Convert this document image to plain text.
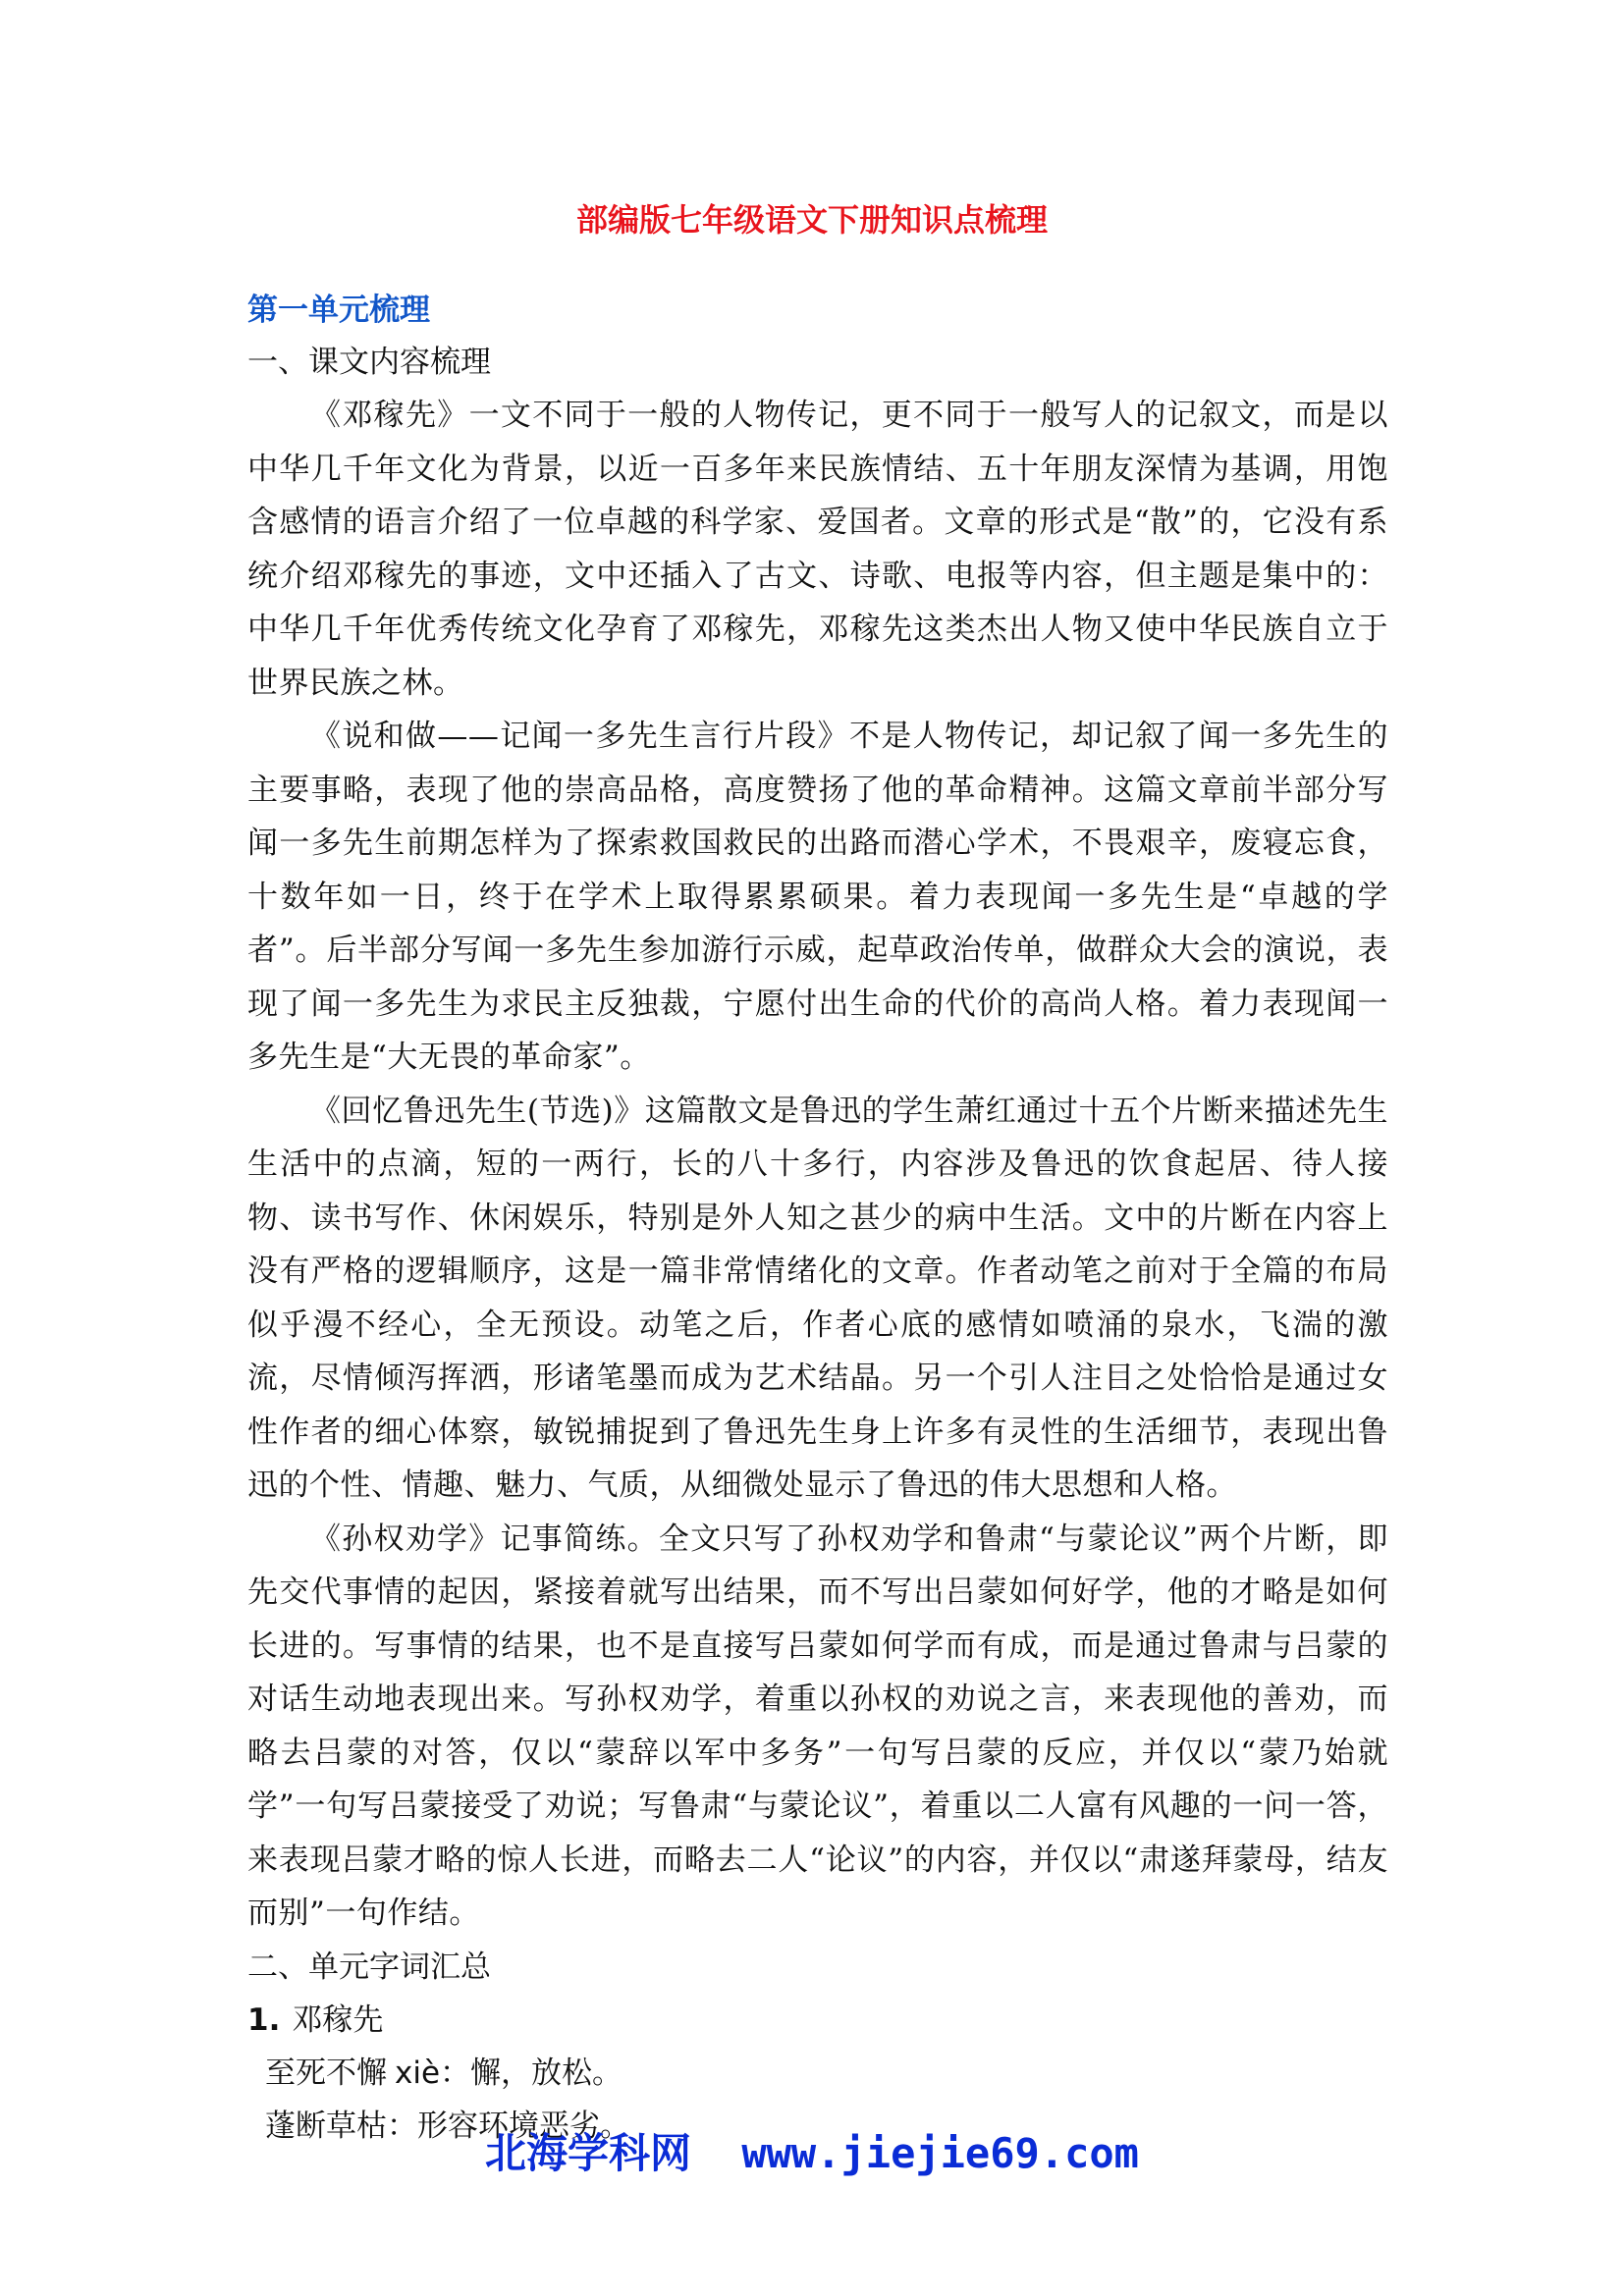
部编版七年级语文下册知识点梳理

第一单元梳理

一、课文内容梳理

《邓稼先》一文不同于一般的人物传记，更不同于一般写人的记叙文，而是以中华几千年文化为背景，以近一百多年来民族情结、五十年朋友深情为基调，用饱含感情的语言介绍了一位卓越的科学家、爱国者。文章的形式是“散”的，它没有系统介绍邓稼先的事迹，文中还插入了古文、诗歌、电报等内容，但主题是集中的：中华几千年优秀传统文化孕育了邓稼先，邓稼先这类杰出人物又使中华民族自立于世界民族之林。

《说和做——记闻一多先生言行片段》不是人物传记，却记叙了闻一多先生的主要事略，表现了他的崇高品格，高度赞扬了他的革命精神。这篇文章前半部分写闻一多先生前期怎样为了探索救国救民的出路而潜心学术，不畏艰辛，废寝忘食，十数年如一日，终于在学术上取得累累硕果。着力表现闻一多先生是“卓越的学者”。后半部分写闻一多先生参加游行示威，起草政治传单，做群众大会的演说，表现了闻一多先生为求民主反独裁，宁愿付出生命的代价的高尚人格。着力表现闻一多先生是“大无畏的革命家”。

《回忆鲁迅先生(节选)》这篇散文是鲁迅的学生萧红通过十五个片断来描述先生生活中的点滴，短的一两行，长的八十多行，内容涉及鲁迅的饮食起居、待人接物、读书写作、休闲娱乐，特别是外人知之甚少的病中生活。文中的片断在内容上没有严格的逻辑顺序，这是一篇非常情绪化的文章。作者动笔之前对于全篇的布局似乎漫不经心，全无预设。动笔之后，作者心底的感情如喷涌的泉水，飞湍的激流，尽情倾泻挥洒，形诸笔墨而成为艺术结晶。另一个引人注目之处恰恰是通过女性作者的细心体察，敏锐捕捉到了鲁迅先生身上许多有灵性的生活细节，表现出鲁迅的个性、情趣、魅力、气质，从细微处显示了鲁迅的伟大思想和人格。

《孙权劝学》记事简练。全文只写了孙权劝学和鲁肃“与蒙论议”两个片断，即先交代事情的起因，紧接着就写出结果，而不写出吕蒙如何好学，他的才略是如何长进的。写事情的结果，也不是直接写吕蒙如何学而有成，而是通过鲁肃与吕蒙的对话生动地表现出来。写孙权劝学，着重以孙权的劝说之言，来表现他的善劝，而略去吕蒙的对答，仅以“蒙辞以军中多务”一句写吕蒙的反应，并仅以“蒙乃始就学”一句写吕蒙接受了劝说；写鲁肃“与蒙论议”，着重以二人富有风趣的一问一答，来表现吕蒙才略的惊人长进，而略去二人“论议”的内容，并仅以“肃遂拜蒙母，结友而别”一句作结。

二、单元字词汇总

1. 邓稼先

至死不懈 xiè：懈，放松。

蓬断草枯：形容环境恶劣。

北海学科网 www.jiejie69.com
